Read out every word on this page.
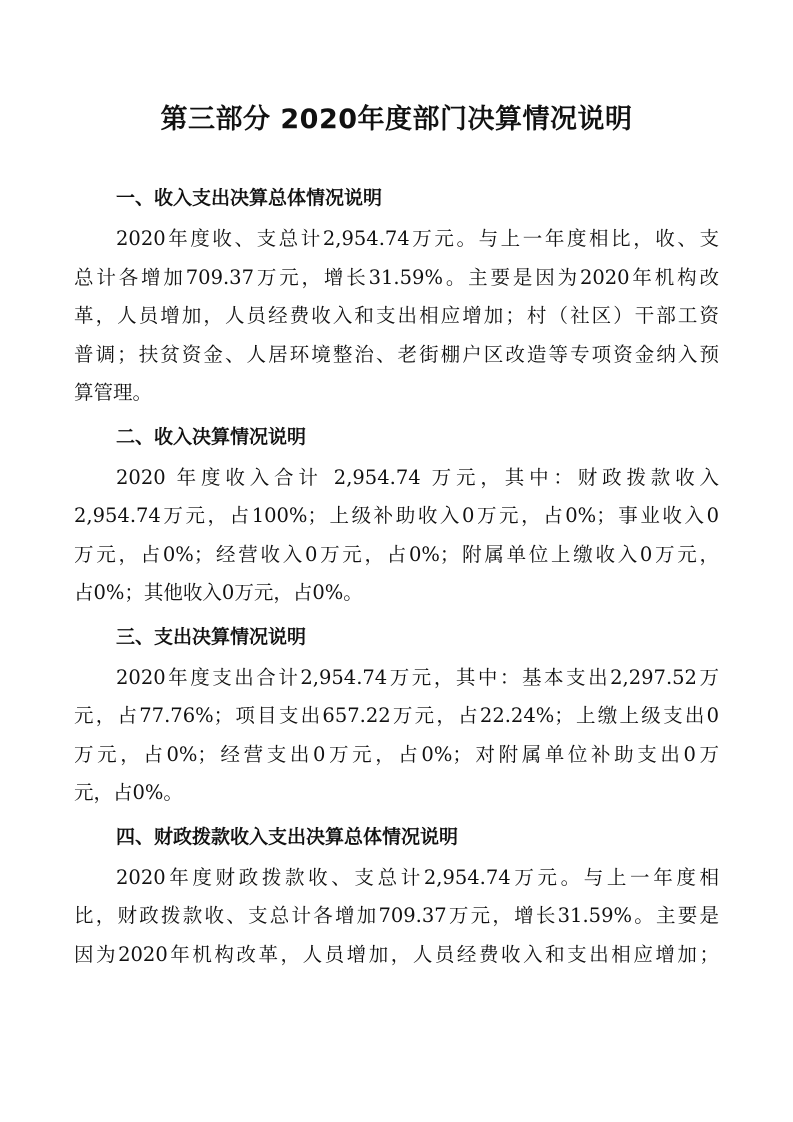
第三部分 2020年度部门决算情况说明
一、收入支出决算总体情况说明

2020年度收、支总计2,954.74万元。与上一年度相比，收、支
总计各增加709.37万元，增长31.59%。主要是因为2020年机构改
革，人员增加，人员经费收入和支出相应增加；村（社区）干部工资
普调；扶贫资金、人居环境整治、老街棚户区改造等专项资金纳入预
算管理。

二、收入决算情况说明

2020 年度收入合计 2,954.74 万元，其中：财政拨款收入
2,954.74万元，占100%；上级补助收入0万元，占0%；事业收入0
万元，占0%；经营收入0万元，占0%；附属单位上缴收入0万元，
占0%；其他收入0万元，占0%。

三、支出决算情况说明

2020年度支出合计2,954.74万元，其中：基本支出2,297.52万
元，占77.76%；项目支出657.22万元，占22.24%；上缴上级支出0
万元，占0%；经营支出0万元，占0%；对附属单位补助支出0万
元，占0%。

四、财政拨款收入支出决算总体情况说明

2020年度财政拨款收、支总计2,954.74万元。与上一年度相
比，财政拨款收、支总计各增加709.37万元，增长31.59%。主要是
因为2020年机构改革，人员增加，人员经费收入和支出相应增加；
